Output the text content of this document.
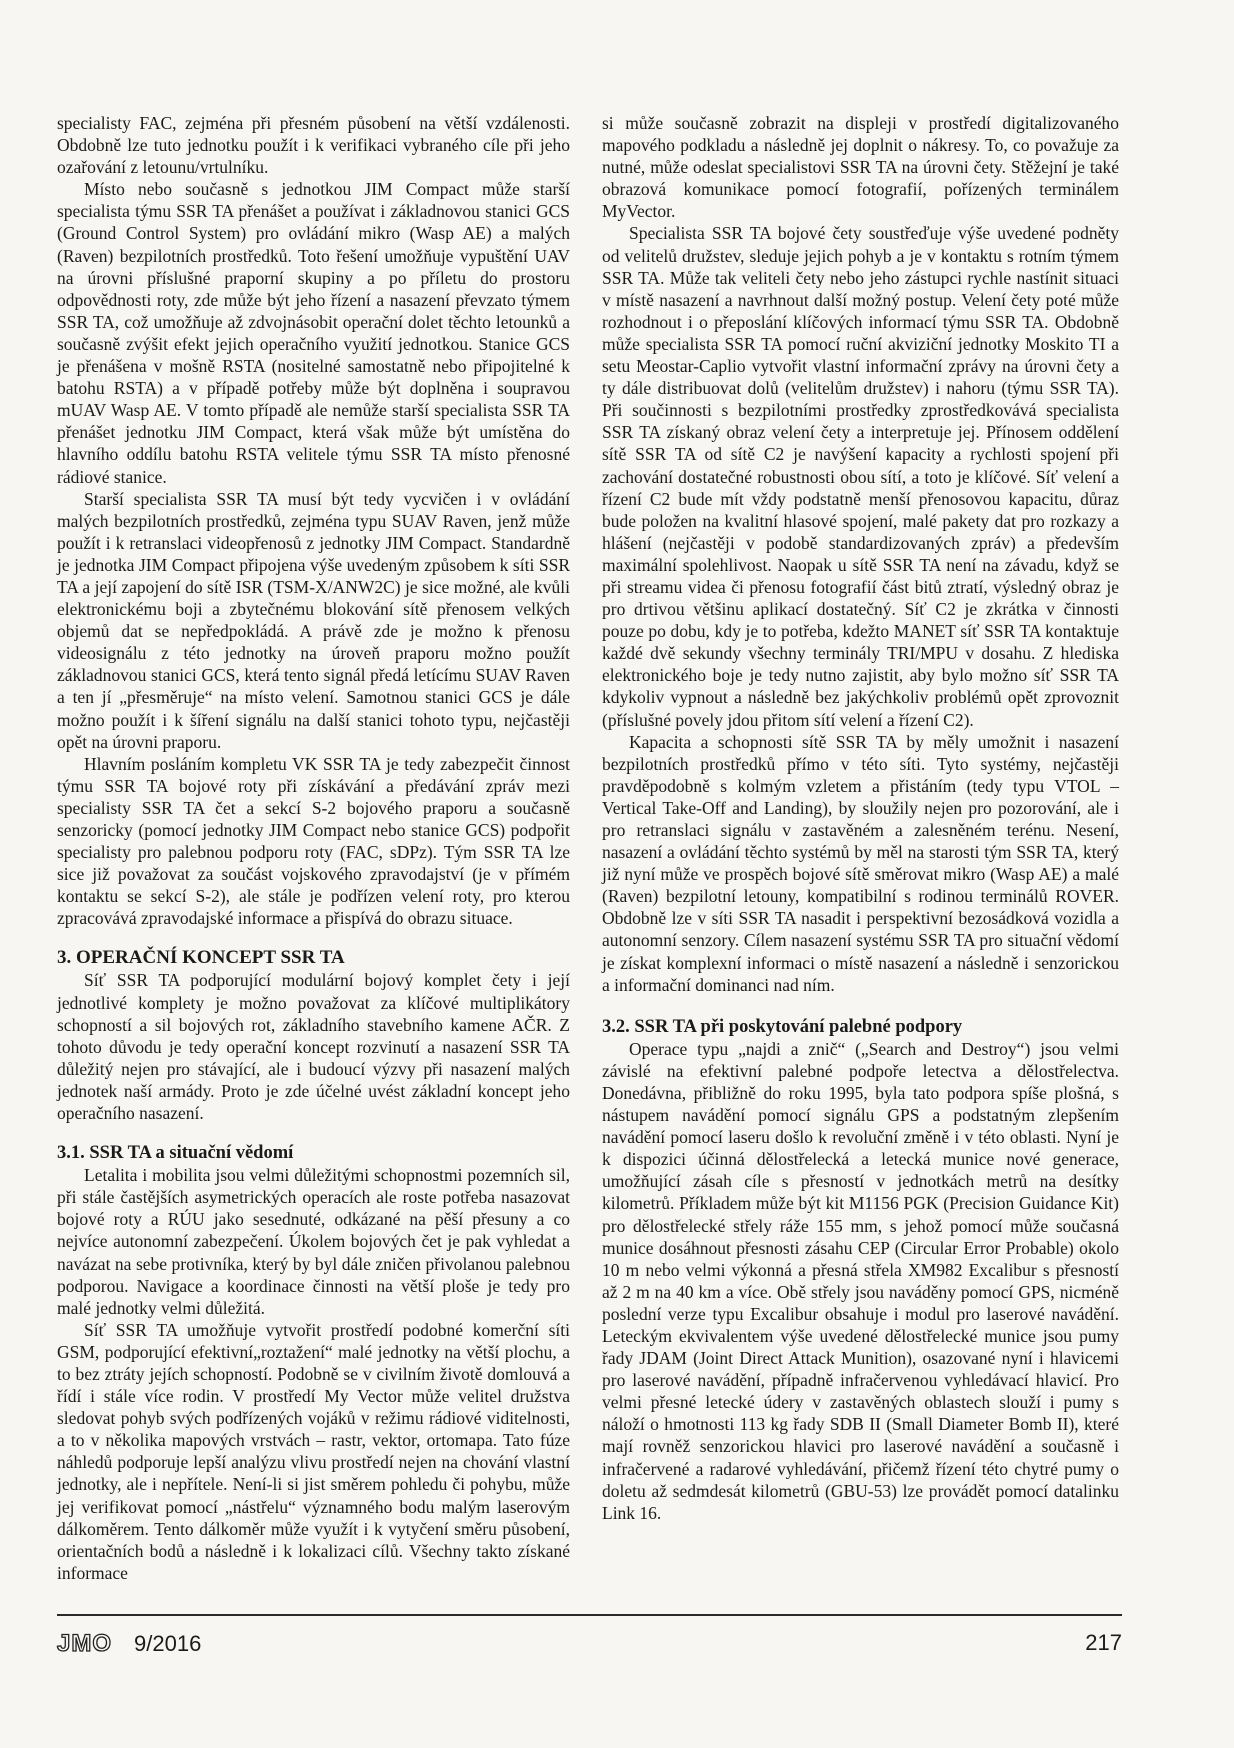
specialisty FAC, zejména při přesném působení na větší vzdálenosti. Obdobně lze tuto jednotku použít i k verifikaci vybraného cíle při jeho ozařování z letounu/vrtulníku.

Místo nebo současně s jednotkou JIM Compact může starší specialista týmu SSR TA přenášet a používat i základnovou stanici GCS (Ground Control System) pro ovládání mikro (Wasp AE) a malých (Raven) bezpilotních prostředků. Toto řešení umožňuje vypuštění UAV na úrovni příslušné praporní skupiny a po příletu do prostoru odpovědnosti roty, zde může být jeho řízení a nasazení převzato týmem SSR TA, což umožňuje až zdvojnásobit operační dolet těchto letounků a současně zvýšit efekt jejich operačního využití jednotkou. Stanice GCS je přenášena v mošně RSTA (nositelné samostatně nebo připojitelné k batohu RSTA) a v případě potřeby může být doplněna i soupravou mUAV Wasp AE. V tomto případě ale nemůže starší specialista SSR TA přenášet jednotku JIM Compact, která však může být umístěna do hlavního oddílu batohu RSTA velitele týmu SSR TA místo přenosné rádiové stanice.

Starší specialista SSR TA musí být tedy vycvičen i v ovládání malých bezpilotních prostředků, zejména typu SUAV Raven, jenž může použít i k retranslaci videopřenosů z jednotky JIM Compact. Standardně je jednotka JIM Compact připojena výše uvedeným způsobem k síti SSR TA a její zapojení do sítě ISR (TSM-X/ANW2C) je sice možné, ale kvůli elektronickému boji a zbytečnému blokování sítě přenosem velkých objemů dat se nepředpokládá. A právě zde je možno k přenosu videosignálu z této jednotky na úroveň praporu možno použít základnovou stanici GCS, která tento signál předá letícímu SUAV Raven a ten jí „přesměruje“ na místo velení. Samotnou stanici GCS je dále možno použít i k šíření signálu na další stanici tohoto typu, nejčastěji opět na úrovni praporu.

Hlavním posláním kompletu VK SSR TA je tedy zabezpečit činnost týmu SSR TA bojové roty při získávání a předávání zpráv mezi specialisty SSR TA čet a sekcí S-2 bojového praporu a současně senzoricky (pomocí jednotky JIM Compact nebo stanice GCS) podpořit specialisty pro palebnou podporu roty (FAC, sDPz). Tým SSR TA lze sice již považovat za součást vojskového zpravodajství (je v přímém kontaktu se sekcí S-2), ale stále je podřízen velení roty, pro kterou zpracovává zpravodajské informace a přispívá do obrazu situace.

3. OPERAČNÍ KONCEPT SSR TA

Síť SSR TA podporující modulární bojový komplet čety i její jednotlivé komplety je možno považovat za klíčové multiplikátory schopností a sil bojových rot, základního stavebního kamene AČR. Z tohoto důvodu je tedy operační koncept rozvinutí a nasazení SSR TA důležitý nejen pro stávající, ale i budoucí výzvy při nasazení malých jednotek naší armády. Proto je zde účelné uvést základní koncept jeho operačního nasazení.

3.1. SSR TA a situační vědomí

Letalita i mobilita jsou velmi důležitými schopnostmi pozemních sil, při stále častějších asymetrických operacích ale roste potřeba nasazovat bojové roty a RÚU jako sesednuté, odkázané na pěší přesuny a co nejvíce autonomní zabezpečení. Úkolem bojových čet je pak vyhledat a navázat na sebe protivníka, který by byl dále zničen přivolanou palebnou podporou. Navigace a koordinace činnosti na větší ploše je tedy pro malé jednotky velmi důležitá.

Síť SSR TA umožňuje vytvořit prostředí podobné komerční síti GSM, podporující efektivní„roztažení“ malé jednotky na větší plochu, a to bez ztráty jejích schopností. Podobně se v civilním životě domlouvá a řídí i stále více rodin. V prostředí My Vector může velitel družstva sledovat pohyb svých podřízených vojáků v režimu rádiové viditelnosti, a to v několika mapových vrstvách – rastr, vektor, ortomapa. Tato fúze náhledů podporuje lepší analýzu vlivu prostředí nejen na chování vlastní jednotky, ale i nepřítele. Není-li si jist směrem pohledu či pohybu, může jej verifikovat pomocí „nástřelu“ významného bodu malým laserovým dálkoměrem. Tento dálkoměr může využít i k vytyčení směru působení, orientačních bodů a následně i k lokalizaci cílů. Všechny takto získané informace

si může současně zobrazit na displeji v prostředí digitalizovaného mapového podkladu a následně jej doplnit o nákresy. To, co považuje za nutné, může odeslat specialistovi SSR TA na úrovni čety. Stěžejní je také obrazová komunikace pomocí fotografií, pořízených terminálem MyVector.

Specialista SSR TA bojové čety soustřeďuje výše uvedené podněty od velitelů družstev, sleduje jejich pohyb a je v kontaktu s rotním týmem SSR TA. Může tak veliteli čety nebo jeho zástupci rychle nastínit situaci v místě nasazení a navrhnout další možný postup. Velení čety poté může rozhodnout i o přeposlání klíčových informací týmu SSR TA. Obdobně může specialista SSR TA pomocí ruční akviziční jednotky Moskito TI a setu Meostar-Caplio vytvořit vlastní informační zprávy na úrovni čety a ty dále distribuovat dolů (velitelům družstev) i nahoru (týmu SSR TA). Při součinnosti s bezpilotními prostředky zprostředkovává specialista SSR TA získaný obraz velení čety a interpretuje jej. Přínosem oddělení sítě SSR TA od sítě C2 je navýšení kapacity a rychlosti spojení při zachování dostatečné robustnosti obou sítí, a toto je klíčové. Síť velení a řízení C2 bude mít vždy podstatně menší přenosovou kapacitu, důraz bude položen na kvalitní hlasové spojení, malé pakety dat pro rozkazy a hlášení (nejčastěji v podobě standardizovaných zpráv) a především maximální spolehlivost. Naopak u sítě SSR TA není na závadu, když se při streamu videa či přenosu fotografií část bitů ztratí, výsledný obraz je pro drtivou většinu aplikací dostatečný. Síť C2 je zkrátka v činnosti pouze po dobu, kdy je to potřeba, kdežto MANET síť SSR TA kontaktuje každé dvě sekundy všechny terminály TRI/MPU v dosahu. Z hlediska elektronického boje je tedy nutno zajistit, aby bylo možno síť SSR TA kdykoliv vypnout a následně bez jakýchkoliv problémů opět zprovoznit (příslušné povely jdou přitom sítí velení a řízení C2).

Kapacita a schopnosti sítě SSR TA by měly umožnit i nasazení bezpilotních prostředků přímo v této síti. Tyto systémy, nejčastěji pravděpodobně s kolmým vzletem a přistáním (tedy typu VTOL – Vertical Take-Off and Landing), by sloužily nejen pro pozorování, ale i pro retranslaci signálu v zastavěném a zalesněném terénu. Nesení, nasazení a ovládání těchto systémů by měl na starosti tým SSR TA, který již nyní může ve prospěch bojové sítě směrovat mikro (Wasp AE) a malé (Raven) bezpilotní letouny, kompatibilní s rodinou terminálů ROVER. Obdobně lze v síti SSR TA nasadit i perspektivní bezosádková vozidla a autonomní senzory. Cílem nasazení systému SSR TA pro situační vědomí je získat komplexní informaci o místě nasazení a následně i senzorickou a informační dominanci nad ním.

3.2. SSR TA při poskytování palebné podpory

Operace typu „najdi a znič“ („Search and Destroy“) jsou velmi závislé na efektivní palebné podpoře letectva a dělostřelectva. Donedávna, přibližně do roku 1995, byla tato podpora spíše plošná, s nástupem navádění pomocí signálu GPS a podstatným zlepšením navádění pomocí laseru došlo k revoluční změně i v této oblasti. Nyní je k dispozici účinná dělostřelecká a letecká munice nové generace, umožňující zásah cíle s přesností v jednotkách metrů na desítky kilometrů. Příkladem může být kit M1156 PGK (Precision Guidance Kit) pro dělostřelecké střely ráže 155 mm, s jehož pomocí může současná munice dosáhnout přesnosti zásahu CEP (Circular Error Probable) okolo 10 m nebo velmi výkonná a přesná střela XM982 Excalibur s přesností až 2 m na 40 km a více. Obě střely jsou naváděny pomocí GPS, nicméně poslední verze typu Excalibur obsahuje i modul pro laserové navádění. Leteckým ekvivalentem výše uvedené dělostřelecké munice jsou pumy řady JDAM (Joint Direct Attack Munition), osazované nyní i hlavicemi pro laserové navádění, případně infračervenou vyhledávací hlavicí. Pro velmi přesné letecké údery v zastavěných oblastech slouží i pumy s náloží o hmotnosti 113 kg řady SDB II (Small Diameter Bomb II), které mají rovněž senzorickou hlavici pro laserové navádění a současně i infračervené a radarové vyhledávání, přičemž řízení této chytré pumy o doletu až sedmdesát kilometrů (GBU-53) lze provádět pomocí datalinku Link 16.

JMO 9/2016	217
